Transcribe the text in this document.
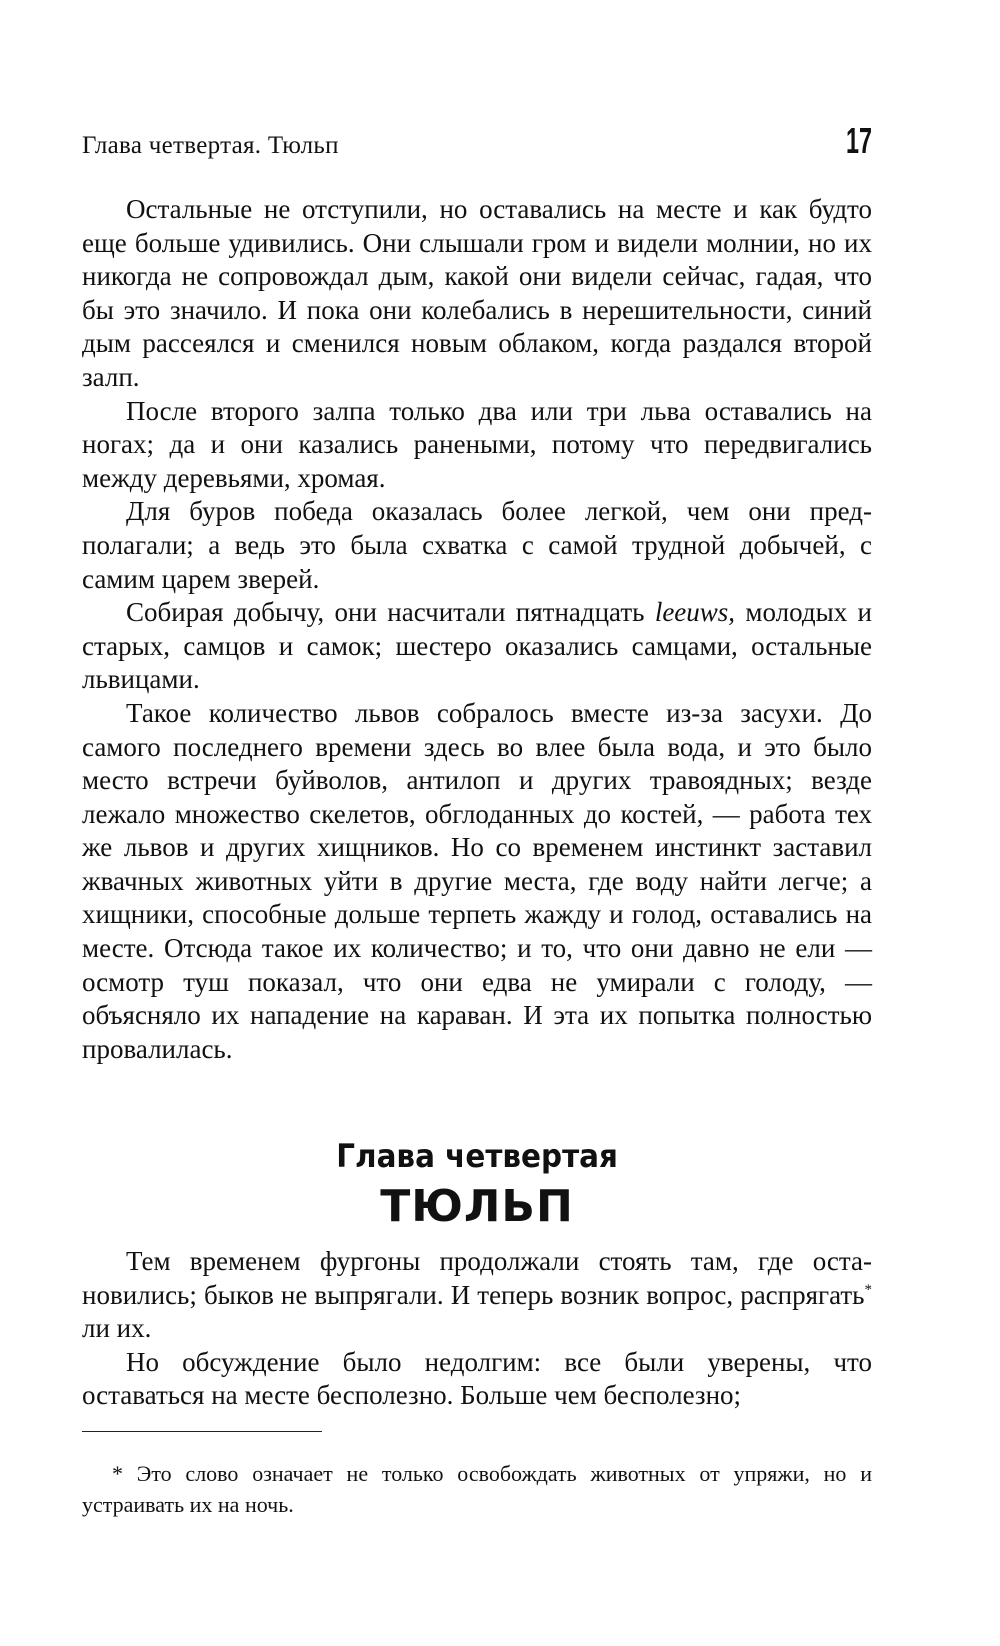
Глава четвертая. Тюльп	17

Остальные не отступили, но оставались на месте и как будто еще больше удивились. Они слышали гром и видели молнии, но их никогда не сопровождал дым, какой они видели сейчас, гадая, что бы это значило. И пока они колебались в нерешительности, синий дым рассеялся и сменился новым облаком, когда раздался второй залп.

После второго залпа только два или три льва оставались на ногах; да и они казались ранеными, потому что передвигались между деревьями, хромая.

Для буров победа оказалась более легкой, чем они предполагали; а ведь это была схватка с самой трудной добычей, с самим царем зверей.

Собирая добычу, они насчитали пятнадцать leeuws, молодых и старых, самцов и самок; шестеро оказались самцами, остальные львицами.

Такое количество львов собралось вместе из-за засухи. До самого последнего времени здесь во влее была вода, и это было место встречи буйволов, антилоп и других травоядных; везде лежало множество скелетов, обглоданных до костей, — работа тех же львов и других хищников. Но со временем инстинкт заставил жвачных животных уйти в другие места, где воду найти легче; а хищники, способные дольше терпеть жажду и голод, оставались на месте. Отсюда такое их количество; и то, что они давно не ели — осмотр туш показал, что они едва не умирали с голоду, — объясняло их нападение на караван. И эта их попытка полностью провалилась.

Глава четвертая
ТЮЛЬП

Тем временем фургоны продолжали стоять там, где остановились; быков не выпрягали. И теперь возник вопрос, распрягать* ли их.

Но обсуждение было недолгим: все были уверены, что оставаться на месте бесполезно. Больше чем бесполезно;

* Это слово означает не только освобождать животных от упряжи, но и устраивать их на ночь.
